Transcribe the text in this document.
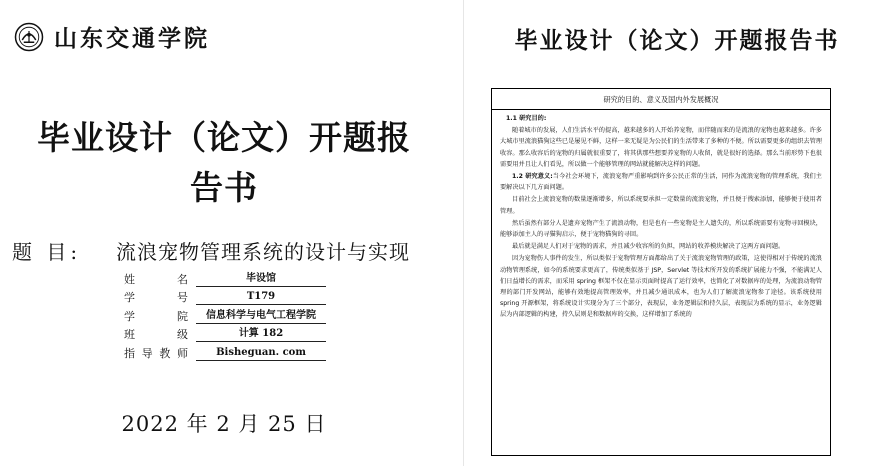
山东交通学院
毕业设计（论文）开题报
告书
题 目: 流浪宠物管理系统的设计与实现
姓	名	毕设馆
学	号	T179
学	院	信息科学与电气工程学院
班	级	计算 182
指 导 教 师	Bisheguan. com
2022 年 2 月 25 日
毕业设计（论文）开题报告书
研究的目的、意义及国内外发展概况

1.1 研究目的:

随着城市的发展，人们生活水平的提高，越来越多的人开始养宠物，而伴随而来的是流浪的宠物也越来越多。许多大城市里流浪猫狗这些已是屡见不鲜，这样一来无疑是为公民们的生活带来了多种的不便。所以需要更多的组织去管理收容。那么收容后的宠物的归属就很重要了，将其供那些想要养宠物的人收留，就是很好的选择。那么当前形势下也很需要用并且让人们看见，所以做一个能够管理的网站就能解决这样的问题。

1.2 研究意义:当今社会环境下，流浪宠物严重影响到许多公民正常的生活，同作为流浪宠物的管理系统，我们主要解决以下几方面问题。

目前社会上流浪宠物的数量逐渐增多，所以系统要承担一定数量的流浪宠物，并且便于搜索添加，能够便于使用者管理。

然后虽然有部分人是遗弃宠物产生了流浪动物，但是也有一些宠物是主人遗失的，所以系统需要有宠物寻回模块，能够添加主人的寻猫狗启示，便于宠物猫狗的寻回。

最后就是满足人们对于宠物的需求，并且减少收容所的负担，网站的收养模块解决了这两方面问题。

因为宠物伤人事件的发生，所以类似于宠物管理方面都给出了关于流浪宠物管理的政策，这使得相对于传统的流浪动物管理系统，如今的系统要求更高了，传统类似基于 JSP，Servlet 等技术所开发的系统扩展能力不强，不能满足人们日益增长的需求，而采用 spring 框架不仅在显示页面时提高了运行效率，也简化了对数据库的处理，为流浪动物管理的部门开发网站，能够有效地提高管理效率，并且减少通讯成本，也为人们了解流浪宠物参了途径。该系统使用 spring 开源框架，将系统设计实现分为了三个部分，表现层，业务逻辑层和持久层，表现层为系统的显示，业务逻辑层为内部逻辑的构建，持久层则是和数据库的交换，这样增加了系统的
